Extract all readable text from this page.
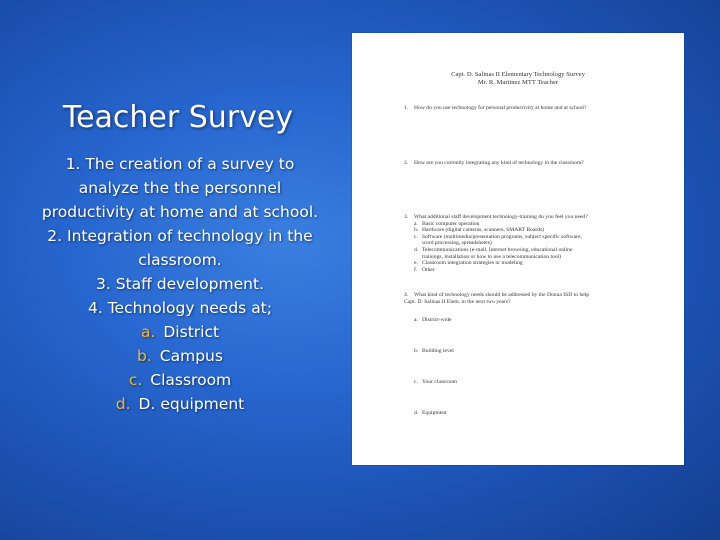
Teacher Survey
1. The creation of a survey to
analyze the the personnel
productivity at home and at school.
2. Integration of technology in the
classroom.
3. Staff development.
4. Technology needs at;
a. District
b. Campus
c. Classroom
d. D. equipment
Capt. D. Salinas II Elementary Technology Survey
Mr. R. Martinez MTT Teacher
1. How do you use technology for personal productivity at home and at school?
2. How are you currently integrating any kind of technology in the classroom?
3. What additional staff development technology-training do you feel you need?
a. Basic computer operation
b. Hardware (digital cameras, scanners, SMART Boards)
c. Software (multimedia/presentation programs, subject specific software,
word processing, spreadsheets)
d. Telecommunications (e-mail, Internet browsing, educational online
trainings, installation or how to use a telecommunication tool)
e. Classroom integration strategies or modeling
f. Other
4. What kind of technology needs should be addressed by the Donna ISD to help
Capt. D. Salinas II Elem. in the next two years?
a. District-wide
b. Building level
c. Your classroom
d. Equipment
